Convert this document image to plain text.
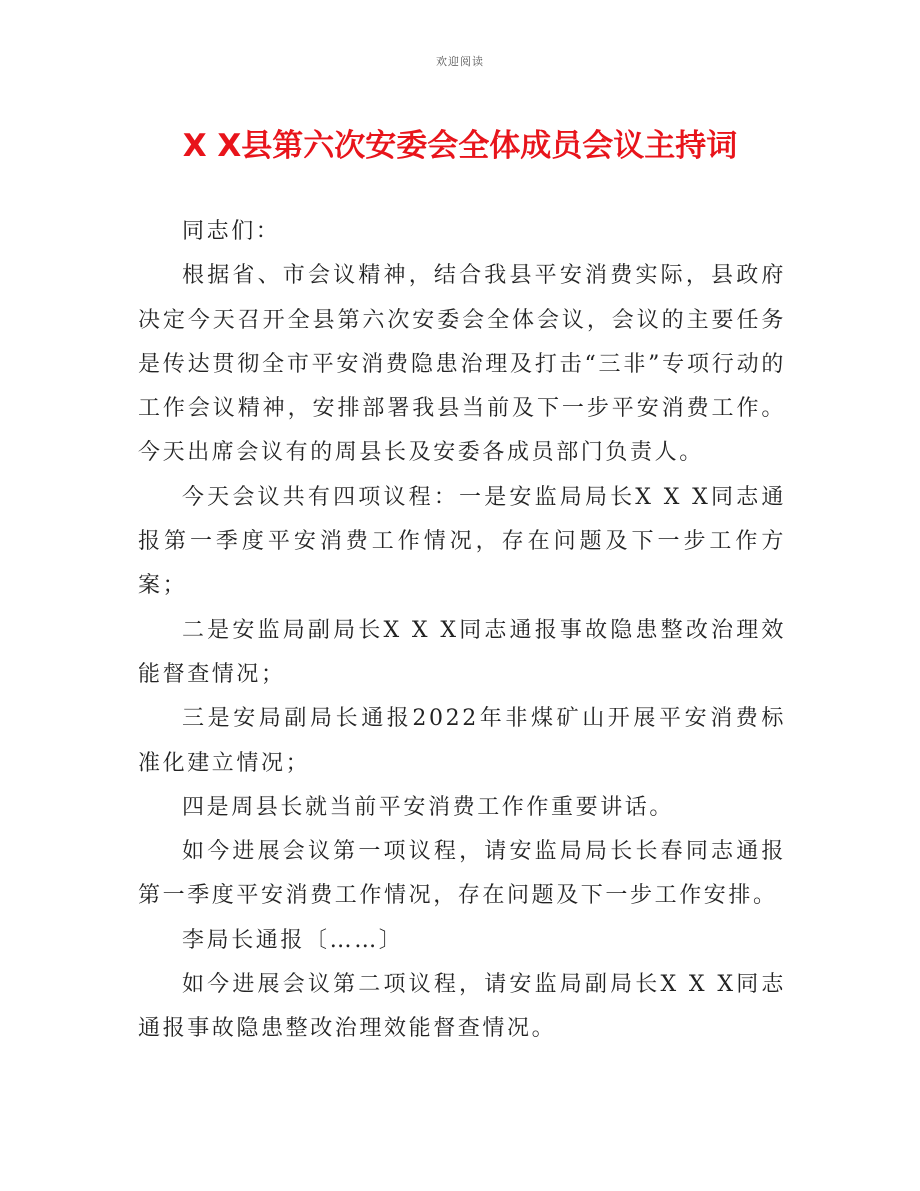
欢迎阅读
X X县第六次安委会全体成员会议主持词

同志们：

根据省、市会议精神，结合我县平安消费实际，县政府决定今天召开全县第六次安委会全体会议，会议的主要任务是传达贯彻全市平安消费隐患治理及打击“三非”专项行动的工作会议精神，安排部署我县当前及下一步平安消费工作。今天出席会议有的周县长及安委各成员部门负责人。

今天会议共有四项议程：一是安监局局长X X X同志通报第一季度平安消费工作情况，存在问题及下一步工作方案；

二是安监局副局长X X X同志通报事故隐患整改治理效能督查情况；

三是安局副局长通报2022年非煤矿山开展平安消费标准化建立情况；

四是周县长就当前平安消费工作作重要讲话。

如今进展会议第一项议程，请安监局局长长春同志通报第一季度平安消费工作情况，存在问题及下一步工作安排。

李局长通报〔……〕

如今进展会议第二项议程，请安监局副局长X X X同志通报事故隐患整改治理效能督查情况。
